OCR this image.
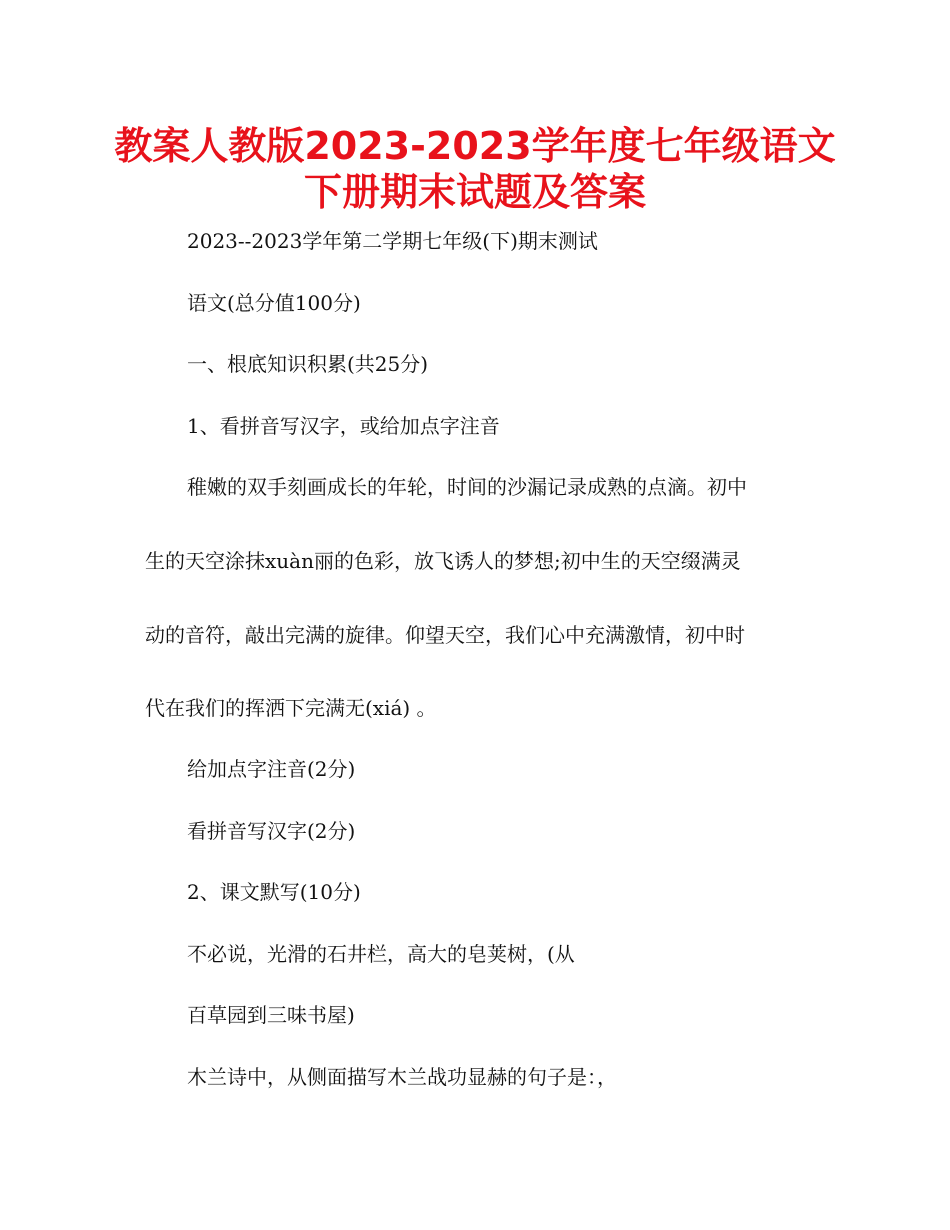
教案人教版2023-2023学年度七年级语文
下册期末试题及答案

2023--2023学年第二学期七年级(下)期末测试

语文(总分值100分)

一、根底知识积累(共25分)

1、看拼音写汉字，或给加点字注音

稚嫩的双手刻画成长的年轮，时间的沙漏记录成熟的点滴。初中

生的天空涂抹xuàn丽的色彩，放飞诱人的梦想;初中生的天空缀满灵

动的音符，敲出完满的旋律。仰望天空，我们心中充满激情，初中时

代在我们的挥洒下完满无(xiá) 。

给加点字注音(2分)

看拼音写汉字(2分)

2、课文默写(10分)

不必说，光滑的石井栏，高大的皂荚树，(从

百草园到三味书屋)

木兰诗中，从侧面描写木兰战功显赫的句子是：，
